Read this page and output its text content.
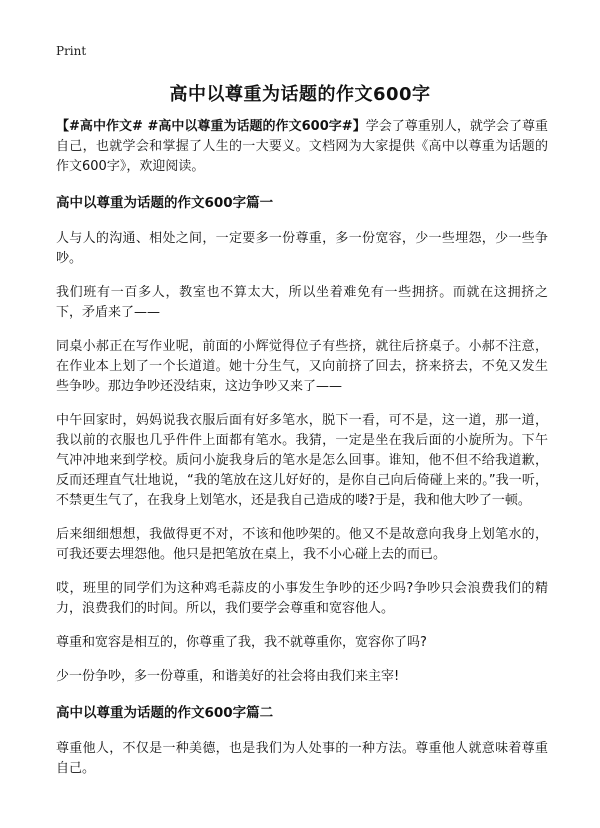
Print
高中以尊重为话题的作文600字

【#高中作文# #高中以尊重为话题的作文600字#】学会了尊重别人，就学会了尊重自己，也就学会和掌握了人生的一大要义。文档网为大家提供《高中以尊重为话题的作文600字》，欢迎阅读。

高中以尊重为话题的作文600字篇一

人与人的沟通、相处之间，一定要多一份尊重，多一份宽容，少一些埋怨，少一些争吵。

我们班有一百多人，教室也不算太大，所以坐着难免有一些拥挤。而就在这拥挤之下，矛盾来了——

同桌小郝正在写作业呢，前面的小辉觉得位子有些挤，就往后挤桌子。小郝不注意，在作业本上划了一个长道道。她十分生气，又向前挤了回去，挤来挤去，不免又发生些争吵。那边争吵还没结束，这边争吵又来了——

中午回家时，妈妈说我衣服后面有好多笔水，脱下一看，可不是，这一道，那一道，我以前的衣服也几乎件件上面都有笔水。我猜，一定是坐在我后面的小旋所为。下午气冲冲地来到学校。质问小旋我身后的笔水是怎么回事。谁知，他不但不给我道歉，反而还理直气壮地说，“我的笔放在这儿好好的，是你自己向后倚碰上来的。”我一听，不禁更生气了，在我身上划笔水，还是我自己造成的喽?于是，我和他大吵了一顿。

后来细细想想，我做得更不对，不该和他吵架的。他又不是故意向我身上划笔水的，可我还要去埋怨他。他只是把笔放在桌上，我不小心碰上去的而已。

哎，班里的同学们为这种鸡毛蒜皮的小事发生争吵的还少吗?争吵只会浪费我们的精力，浪费我们的时间。所以，我们要学会尊重和宽容他人。

尊重和宽容是相互的，你尊重了我，我不就尊重你，宽容你了吗?

少一份争吵，多一份尊重，和谐美好的社会将由我们来主宰!

高中以尊重为话题的作文600字篇二

尊重他人，不仅是一种美德，也是我们为人处事的一种方法。尊重他人就意味着尊重自己。
